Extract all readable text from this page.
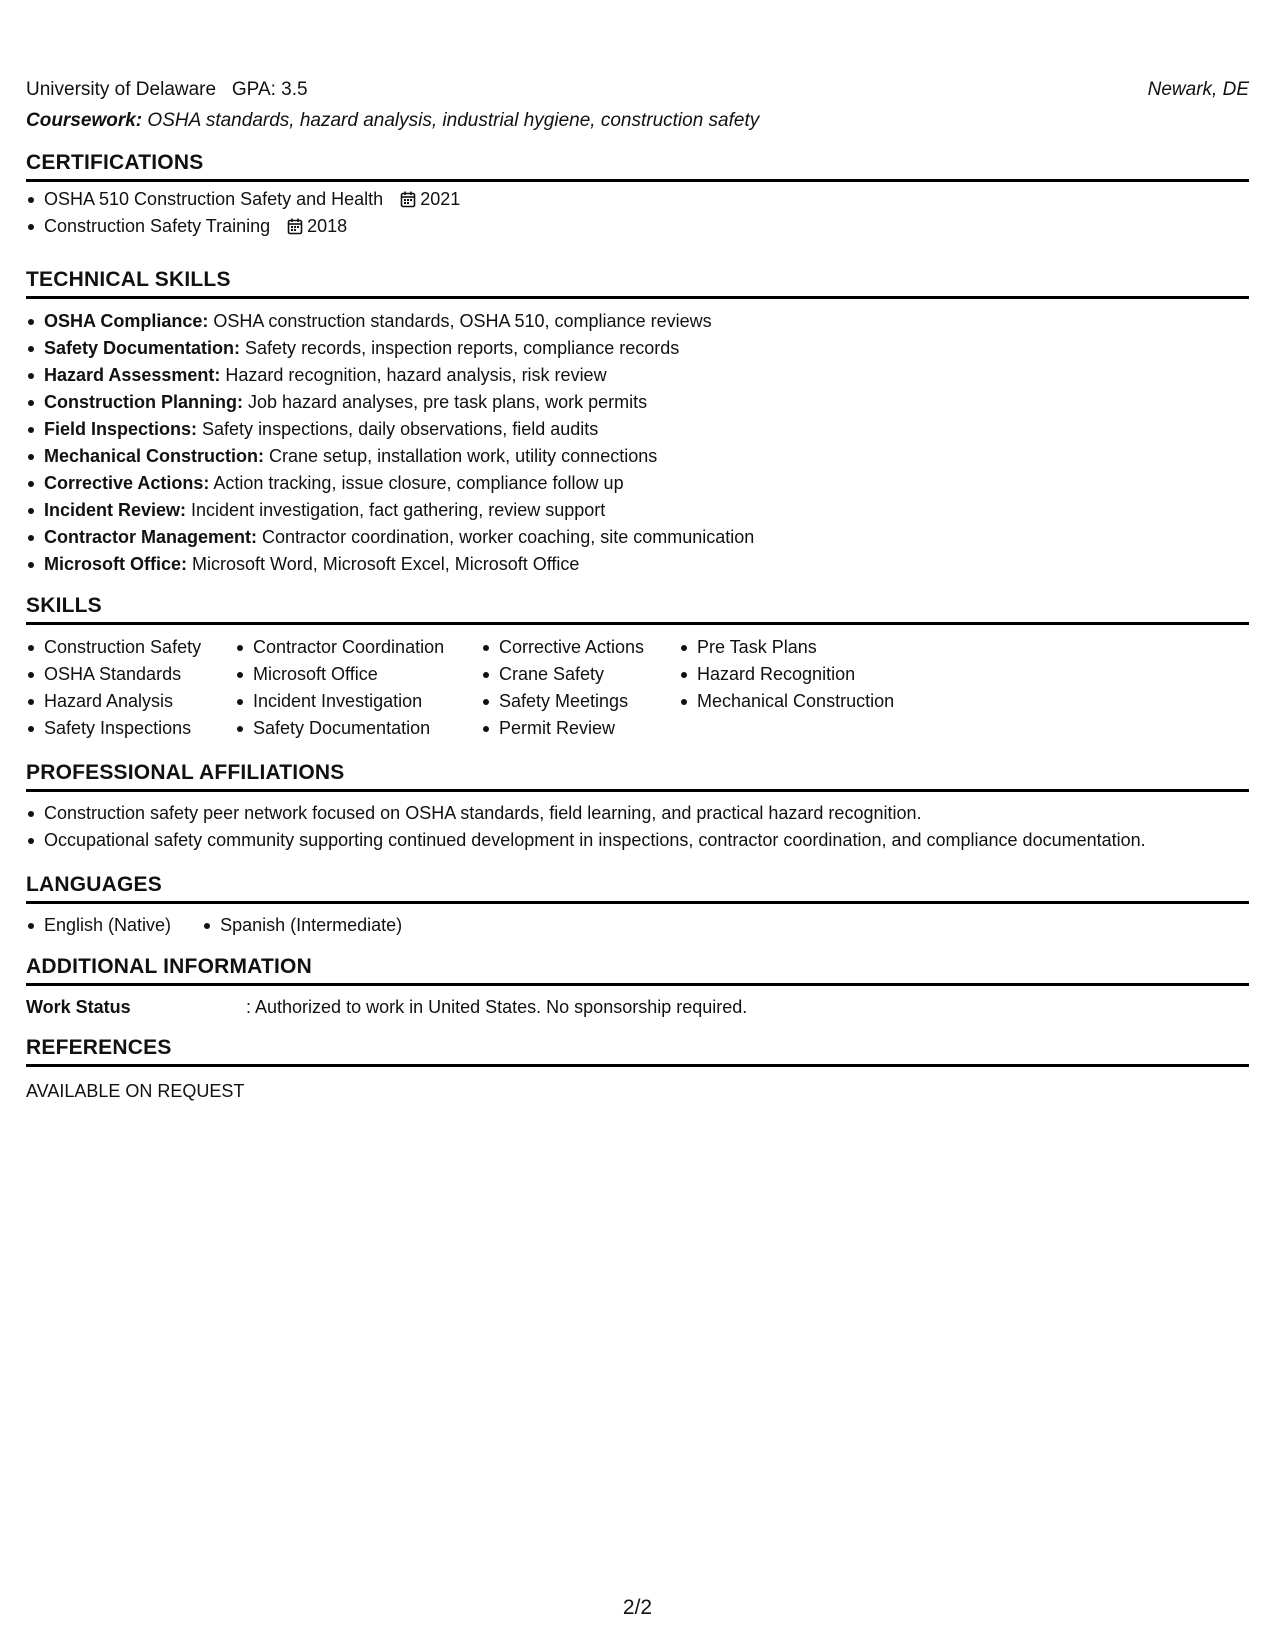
University of Delaware   GPA: 3.5	Newark, DE
Coursework: OSHA standards, hazard analysis, industrial hygiene, construction safety
CERTIFICATIONS
OSHA 510 Construction Safety and Health 2021
Construction Safety Training 2018
TECHNICAL SKILLS
OSHA Compliance: OSHA construction standards, OSHA 510, compliance reviews
Safety Documentation: Safety records, inspection reports, compliance records
Hazard Assessment: Hazard recognition, hazard analysis, risk review
Construction Planning: Job hazard analyses, pre task plans, work permits
Field Inspections: Safety inspections, daily observations, field audits
Mechanical Construction: Crane setup, installation work, utility connections
Corrective Actions: Action tracking, issue closure, compliance follow up
Incident Review: Incident investigation, fact gathering, review support
Contractor Management: Contractor coordination, worker coaching, site communication
Microsoft Office: Microsoft Word, Microsoft Excel, Microsoft Office
SKILLS
Construction Safety
OSHA Standards
Hazard Analysis
Safety Inspections
Contractor Coordination
Microsoft Office
Incident Investigation
Safety Documentation
Corrective Actions
Crane Safety
Safety Meetings
Permit Review
Pre Task Plans
Hazard Recognition
Mechanical Construction
PROFESSIONAL AFFILIATIONS
Construction safety peer network focused on OSHA standards, field learning, and practical hazard recognition.
Occupational safety community supporting continued development in inspections, contractor coordination, and compliance documentation.
LANGUAGES
English (Native)	Spanish (Intermediate)
ADDITIONAL INFORMATION
Work Status	: Authorized to work in United States. No sponsorship required.
REFERENCES
AVAILABLE ON REQUEST
2/2
